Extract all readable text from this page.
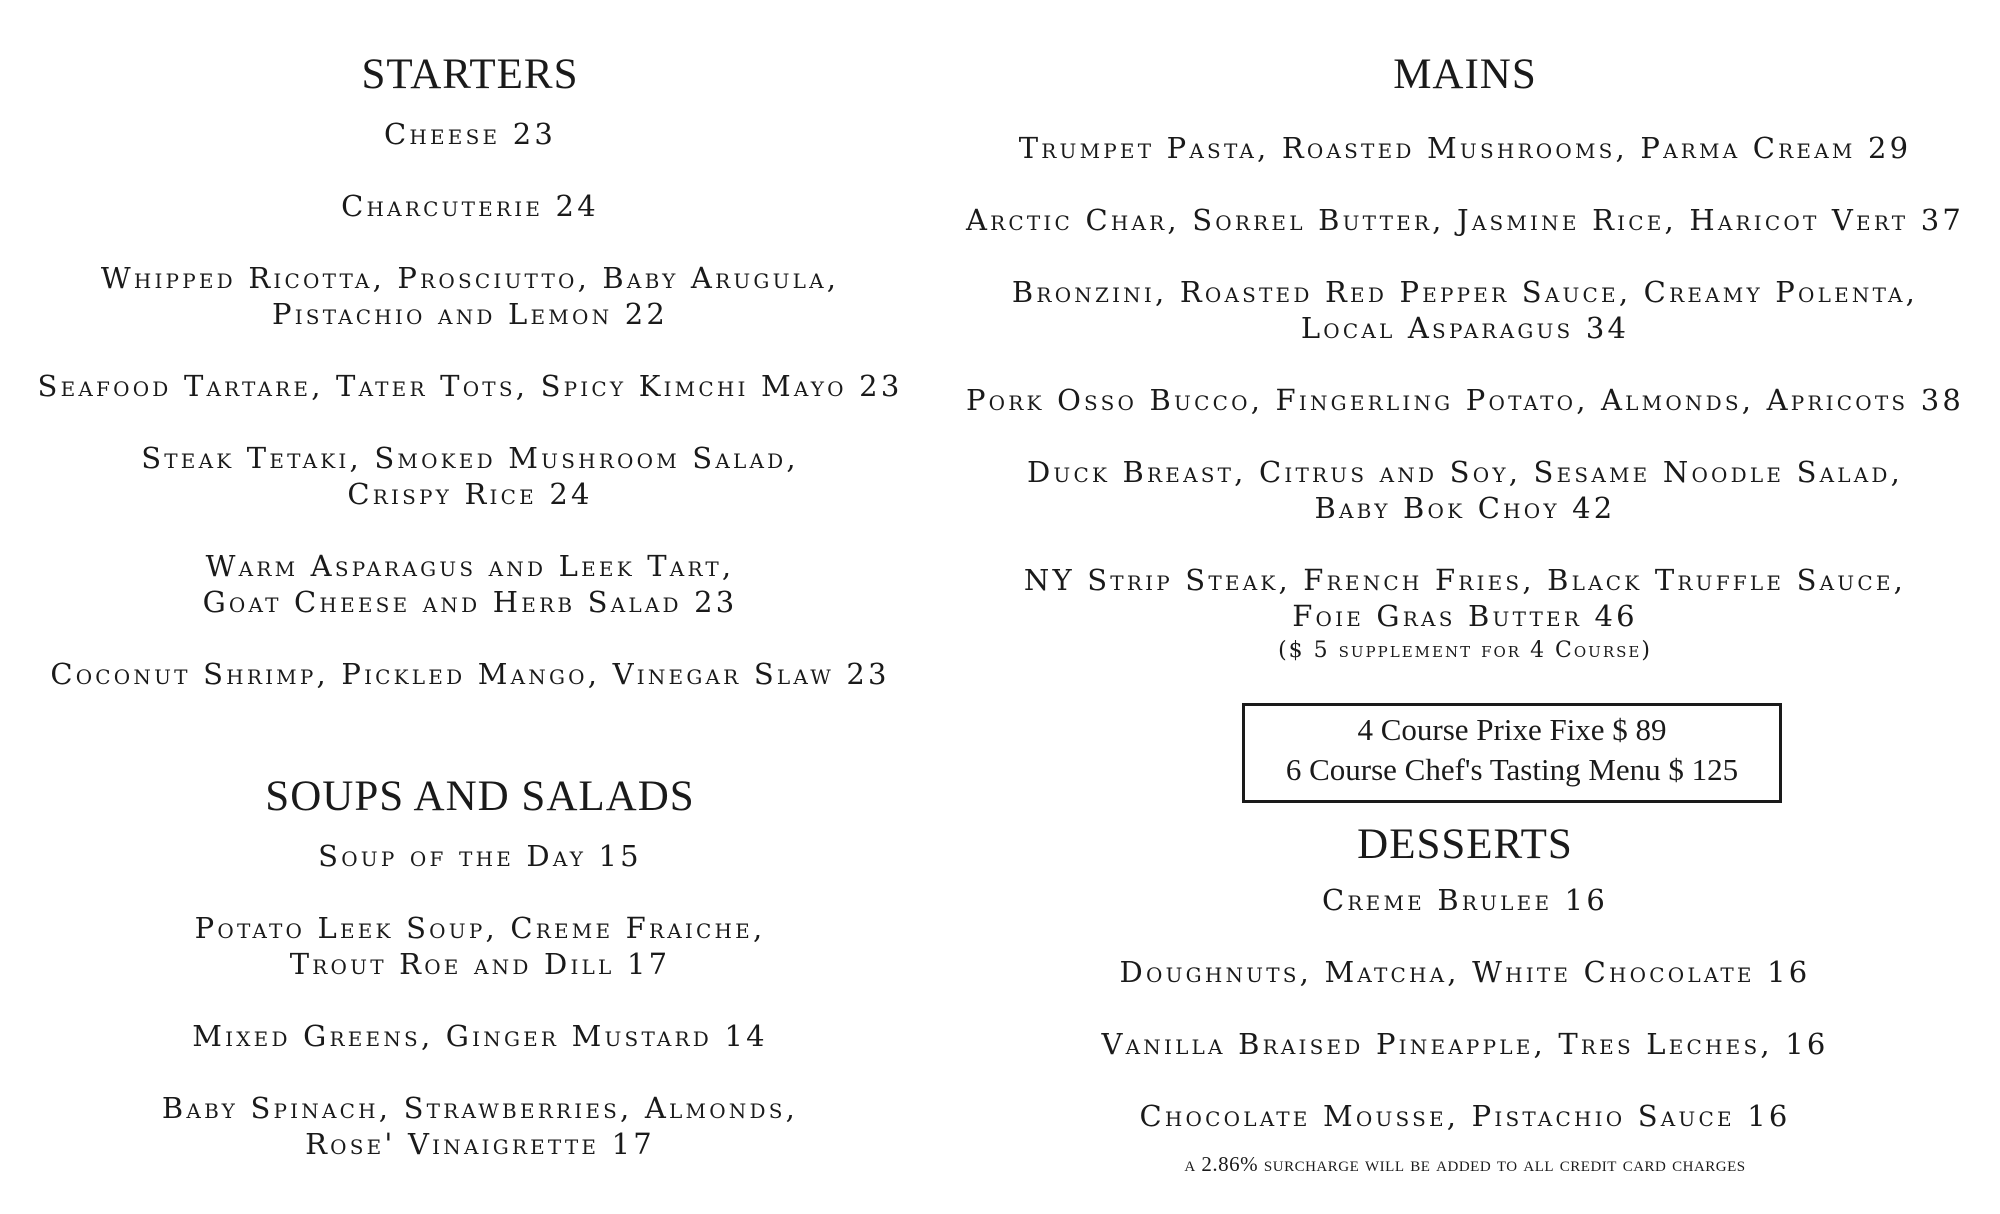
STARTERS
Cheese 23
Charcuterie 24
Whipped Ricotta, Prosciutto, Baby Arugula,
Pistachio and Lemon 22
Seafood Tartare, Tater Tots, Spicy Kimchi Mayo 23
Steak Tetaki, Smoked Mushroom Salad,
Crispy Rice 24
Warm Asparagus and Leek Tart,
Goat Cheese and Herb Salad 23
Coconut Shrimp, Pickled Mango, Vinegar Slaw 23
SOUPS AND SALADS
Soup of the Day 15
Potato Leek Soup, Creme Fraiche,
Trout Roe and Dill 17
Mixed Greens, Ginger Mustard 14
Baby Spinach, Strawberries, Almonds,
Rose' Vinaigrette 17
MAINS
Trumpet Pasta, Roasted Mushrooms, Parma Cream 29
Arctic Char, Sorrel Butter, Jasmine Rice, Haricot Vert 37
Bronzini, Roasted Red Pepper Sauce, Creamy Polenta,
Local Asparagus 34
Pork Osso Bucco, Fingerling Potato, Almonds, Apricots 38
Duck Breast, Citrus and Soy, Sesame Noodle Salad,
Baby Bok Choy 42
NY Strip Steak, French Fries, Black Truffle Sauce,
Foie Gras Butter 46
($ 5 supplement for 4 Course)
4 Course Prixe Fixe $ 89
6 Course Chef's Tasting Menu $ 125
DESSERTS
Creme Brulee 16
Doughnuts, Matcha, White Chocolate 16
Vanilla Braised Pineapple, Tres Leches, 16
Chocolate Mousse, Pistachio Sauce 16
a 2.86% surcharge will be added to all credit card charges
